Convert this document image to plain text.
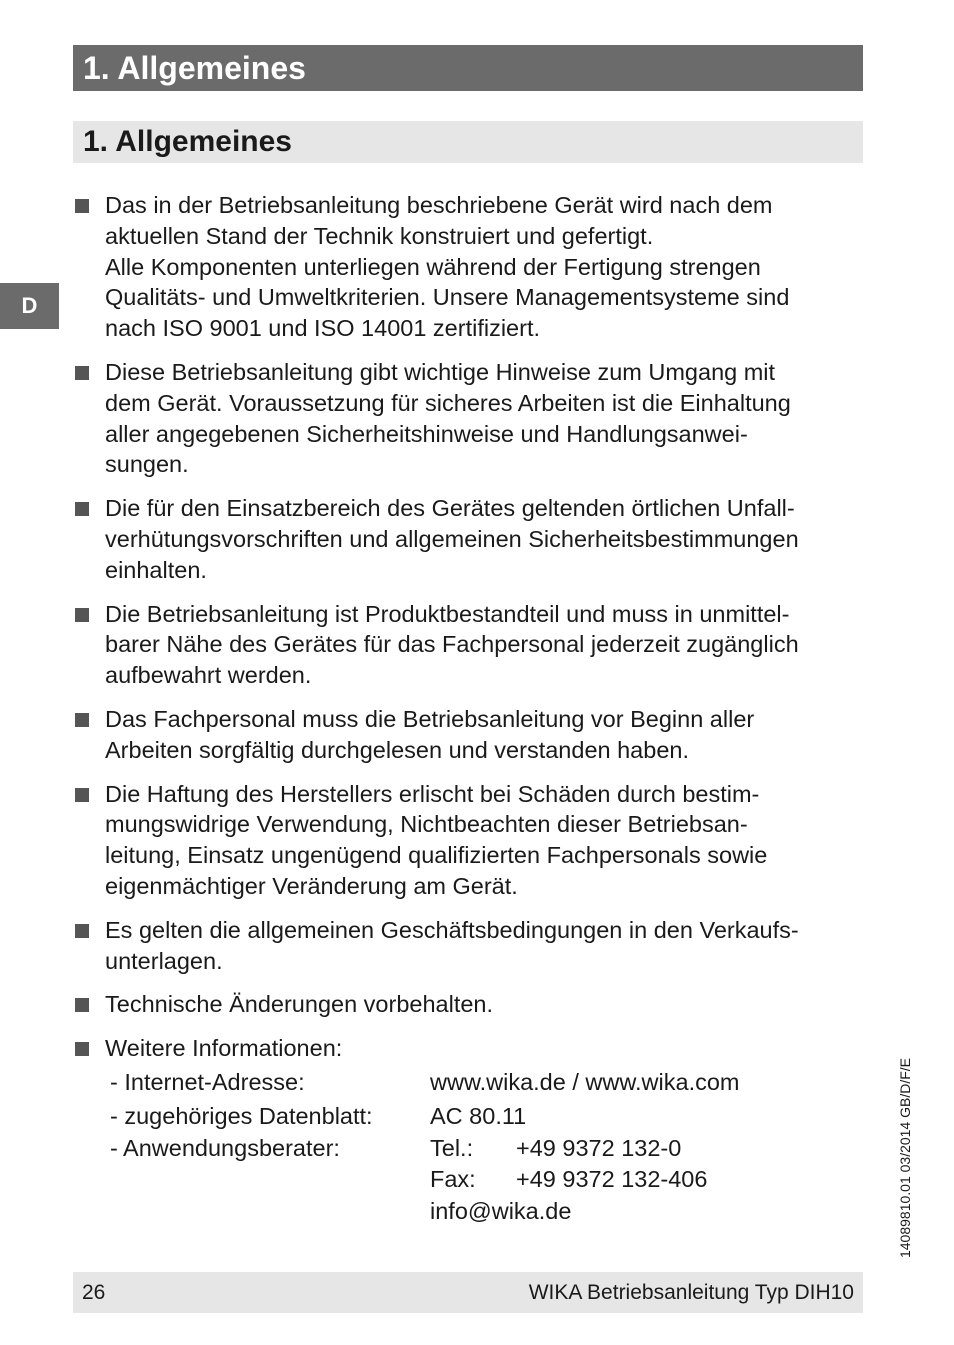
1. Allgemeines
1. Allgemeines
D
Das in der Betriebsanleitung beschriebene Gerät wird nach dem
aktuellen Stand der Technik konstruiert und gefertigt.
Alle Komponenten unterliegen während der Fertigung strengen
Qualitäts- und Umweltkriterien. Unsere Managementsysteme sind
nach ISO 9001 und ISO 14001 zertifiziert.
Diese Betriebsanleitung gibt wichtige Hinweise zum Umgang mit
dem Gerät. Voraussetzung für sicheres Arbeiten ist die Einhaltung
aller angegebenen Sicherheitshinweise und Handlungsanwei-
sungen.
Die für den Einsatzbereich des Gerätes geltenden örtlichen Unfall-
verhütungsvorschriften und allgemeinen Sicherheitsbestimmungen
einhalten.
Die Betriebsanleitung ist Produktbestandteil und muss in unmittel-
barer Nähe des Gerätes für das Fachpersonal jederzeit zugänglich
aufbewahrt werden.
Das Fachpersonal muss die Betriebsanleitung vor Beginn aller
Arbeiten sorgfältig durchgelesen und verstanden haben.
Die Haftung des Herstellers erlischt bei Schäden durch bestim-
mungswidrige Verwendung, Nichtbeachten dieser Betriebsan-
leitung, Einsatz ungenügend qualifizierten Fachpersonals sowie
eigenmächtiger Veränderung am Gerät.
Es gelten die allgemeinen Geschäftsbedingungen in den Verkaufs-
unterlagen.
Technische Änderungen vorbehalten.
Weitere Informationen:
- Internet-Adresse:	www.wika.de / www.wika.com
- zugehöriges Datenblatt:	AC 80.11
- Anwendungsberater:	Tel.: +49 9372 132-0
Fax: +49 9372 132-406
info@wika.de	14089810.01 03/2014 GB/D/F/E
26	WIKA Betriebsanleitung Typ DIH10
